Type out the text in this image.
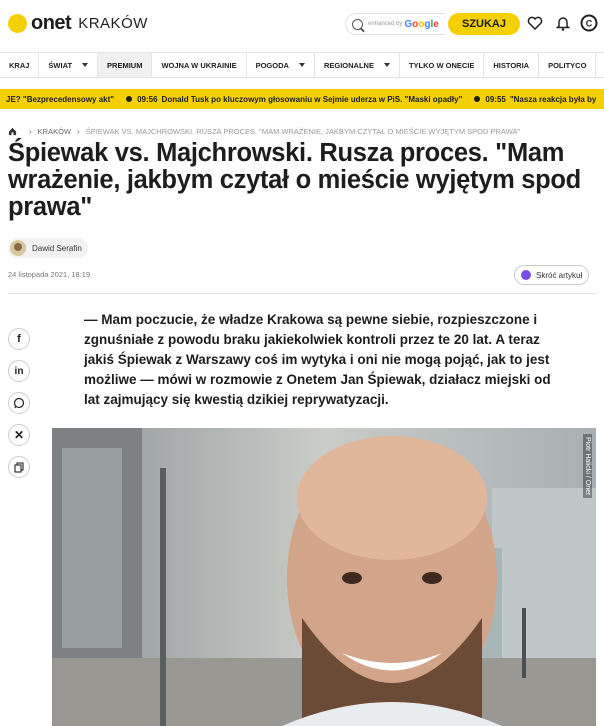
onet KRAKÓW	enhanced by Google	SZUKAJ	C
KRAJ	ŚWIAT	PREMIUM	WOJNA W UKRAINIE	POGODA	REGIONALNE	TYLKO W ONECIE	HISTORIA	POLITYCO
JE? "Bezprecedensowy akt"	09:56 Donald Tusk po kluczowym głosowaniu w Sejmie uderza w PiS. "Maski opadły"	09:55 "Nasza reakcja była by
› KRAKÓW › ŚPIEWAK VS. MAJCHROWSKI. RUSZA PROCES. "MAM WRAŻENIE, JAKBYM CZYTAŁ O MIEŚCIE WYJĘTYM SPOD PRAWA"
Śpiewak vs. Majchrowski. Rusza proces. "Mam wrażenie, jakbym czytał o mieście wyjętym spod prawa"
Dawid Serafin
24 listopada 2021, 18:19	Skróć artykuł
f
in
✕

— Mam poczucie, że władze Krakowa są pewne siebie, rozpieszczone i zgnuśniałe z powodu braku jakiekolwiek kontroli przez te 20 lat. A teraz jakiś Śpiewak z Warszawy coś im wytyka i oni nie mogą pojąć, jak to jest możliwe — mówi w rozmowie z Onetem Jan Śpiewak, działacz miejski od lat zajmujący się kwestią dzikiej reprywatyzacji.

Piotr Halicki / Onet
